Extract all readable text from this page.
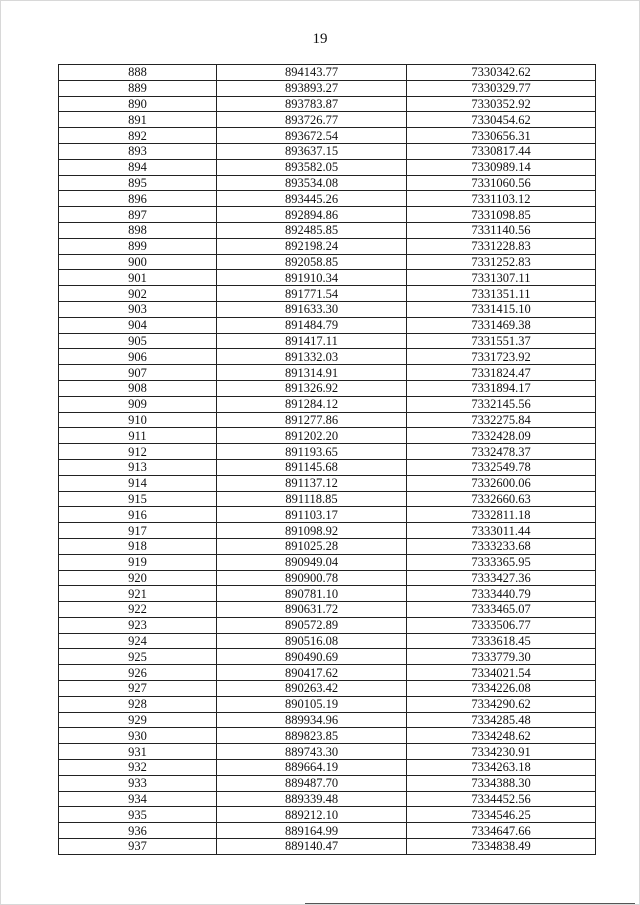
19
888	894143.77	7330342.62
889	893893.27	7330329.77
890	893783.87	7330352.92
891	893726.77	7330454.62
892	893672.54	7330656.31
893	893637.15	7330817.44
894	893582.05	7330989.14
895	893534.08	7331060.56
896	893445.26	7331103.12
897	892894.86	7331098.85
898	892485.85	7331140.56
899	892198.24	7331228.83
900	892058.85	7331252.83
901	891910.34	7331307.11
902	891771.54	7331351.11
903	891633.30	7331415.10
904	891484.79	7331469.38
905	891417.11	7331551.37
906	891332.03	7331723.92
907	891314.91	7331824.47
908	891326.92	7331894.17
909	891284.12	7332145.56
910	891277.86	7332275.84
911	891202.20	7332428.09
912	891193.65	7332478.37
913	891145.68	7332549.78
914	891137.12	7332600.06
915	891118.85	7332660.63
916	891103.17	7332811.18
917	891098.92	7333011.44
918	891025.28	7333233.68
919	890949.04	7333365.95
920	890900.78	7333427.36
921	890781.10	7333440.79
922	890631.72	7333465.07
923	890572.89	7333506.77
924	890516.08	7333618.45
925	890490.69	7333779.30
926	890417.62	7334021.54
927	890263.42	7334226.08
928	890105.19	7334290.62
929	889934.96	7334285.48
930	889823.85	7334248.62
931	889743.30	7334230.91
932	889664.19	7334263.18
933	889487.70	7334388.30
934	889339.48	7334452.56
935	889212.10	7334546.25
936	889164.99	7334647.66
937	889140.47	7334838.49
